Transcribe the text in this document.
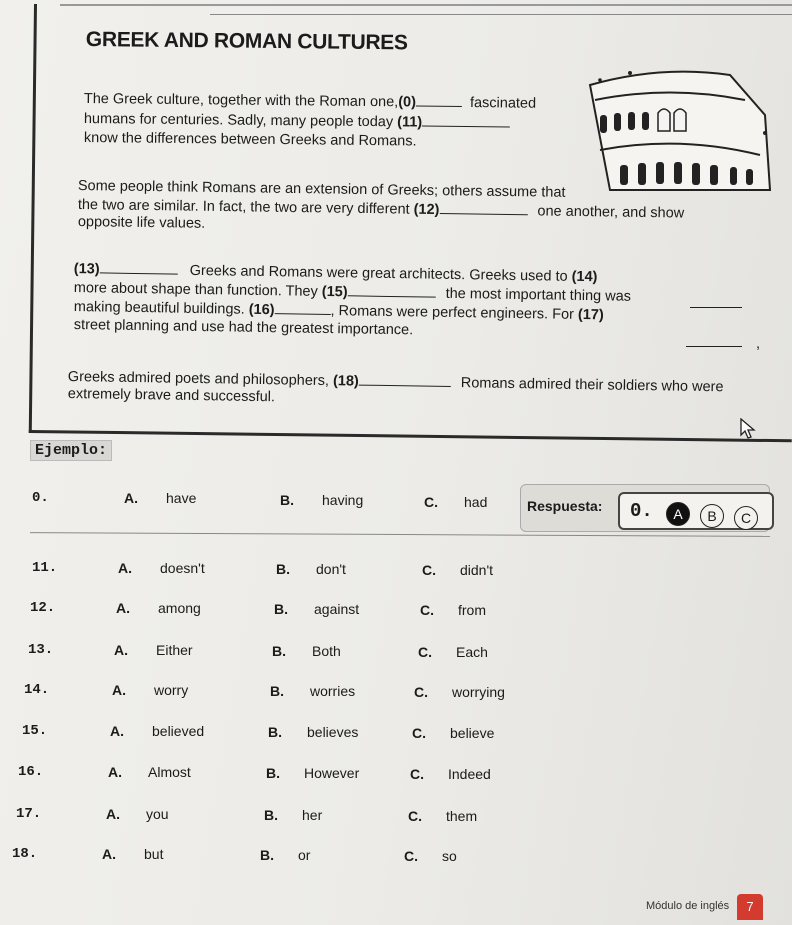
GREEK AND ROMAN CULTURES
The Greek culture, together with the Roman one,(0)	fascinated
humans for centuries. Sadly, many people today (11)
know the differences between Greeks and Romans.
Some people think Romans are an extension of Greeks; others assume that
the two are similar. In fact, the two are very different (12)	one another, and show
opposite life values.
(13)	Greeks and Romans were great architects. Greeks used to (14)
more about shape than function. They (15)	the most important thing was
making beautiful buildings. (16)	, Romans were perfect engineers. For (17)
street planning and use had the greatest importance.
,
Greeks admired poets and philosophers, (18)	Romans admired their soldiers who were
extremely brave and successful.
Ejemplo:
0.	A. have	B. having	C. had	Respuesta: 0.	A	B	C
11.	A. doesn't	B. don't	C. didn't
12.	A. among	B. against	C. from
13.	A. Either	B. Both	C. Each
14.	A. worry	B. worries	C. worrying
15.	A. believed	B. believes	C. believe
16.	A. Almost	B. However	C. Indeed
17.	A. you	B. her	C. them
18.	A. but	B. or	C. so
Módulo de inglés	7
